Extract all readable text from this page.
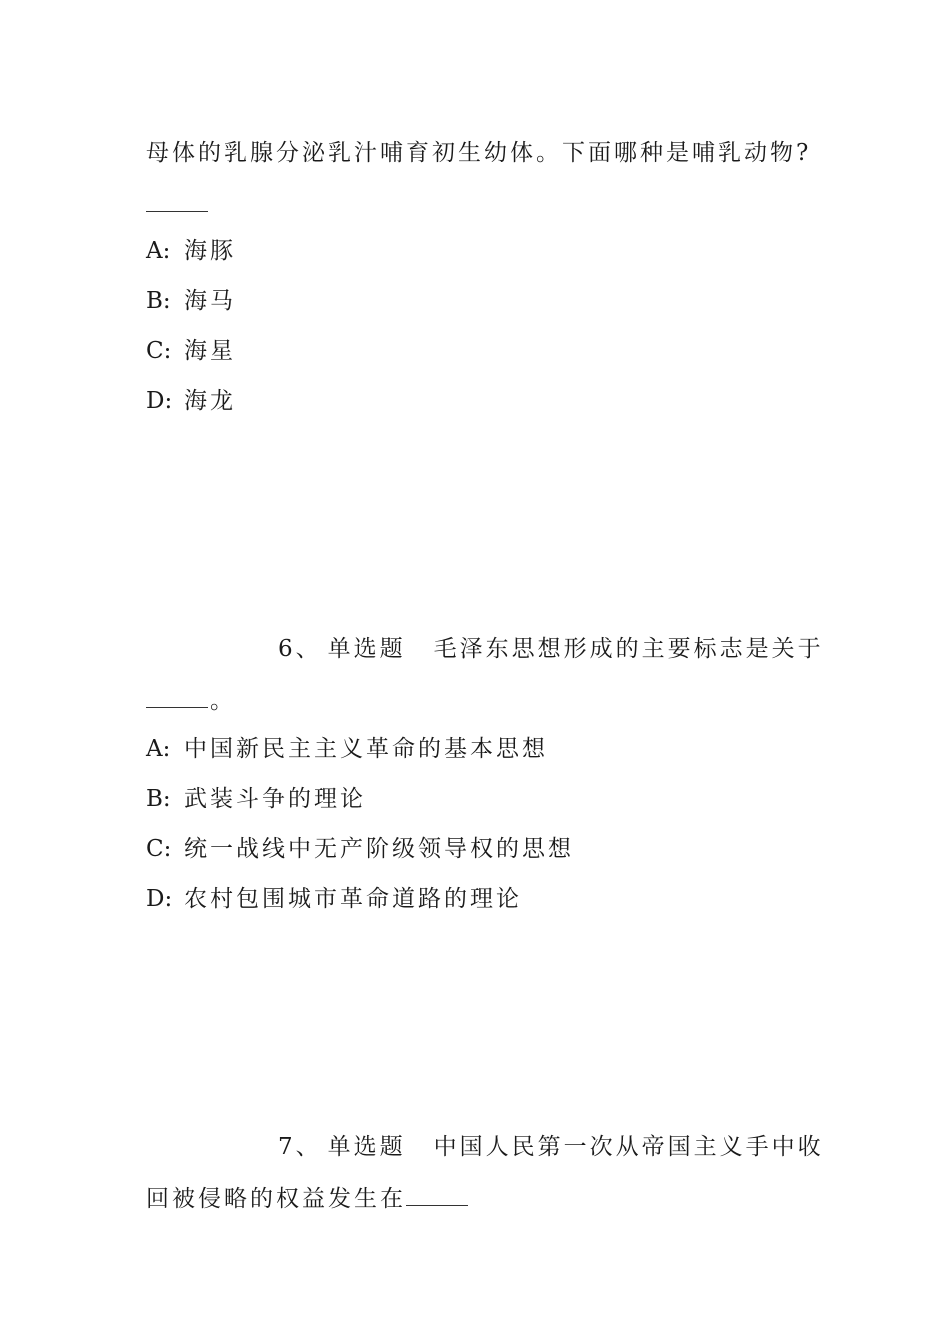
母体的乳腺分泌乳汁哺育初生幼体。下面哪种是哺乳动物?
A: 海豚
B: 海马
C: 海星
D: 海龙
6、 单选题 毛泽东思想形成的主要标志是关于
。
A: 中国新民主主义革命的基本思想
B: 武装斗争的理论
C: 统一战线中无产阶级领导权的思想
D: 农村包围城市革命道路的理论
7、 单选题 中国人民第一次从帝国主义手中收
回被侵略的权益发生在
